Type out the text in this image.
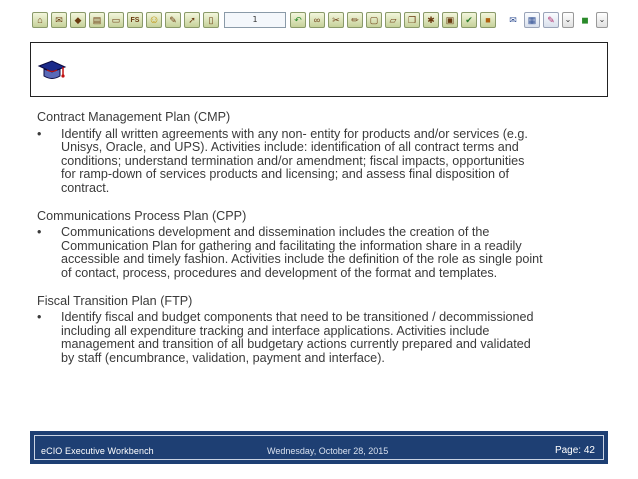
⌂	✉	◆	▤	▭	FS ☺	✎	➚	▯	1	↶	∞	✂	✏	▢	▱	❐	✱	▣	✔	■	✉	▦	✎	⌄	◼	⌄
Contract Management Plan (CMP)
•	Identify all written agreements with any non- entity for products and/or services (e.g.
Unisys, Oracle, and UPS). Activities include: identification of all contract terms and
conditions; understand termination and/or amendment; fiscal impacts, opportunities
for ramp-down of services products and licensing; and assess final disposition of
contract.
Communications Process Plan (CPP)
•	Communications development and dissemination includes the creation of the
Communication Plan for gathering and facilitating the information share in a readily
accessible and timely fashion. Activities include the definition of the role as single point
of contact, process, procedures and development of the format and templates.
Fiscal Transition Plan (FTP)
•	Identify fiscal and budget components that need to be transitioned / decommissioned
including all expenditure tracking and interface applications. Activities include
management and transition of all budgetary actions currently prepared and validated
by staff (encumbrance, validation, payment and interface).
eCIO Executive Workbench	Wednesday, October 28, 2015	Page: 42
